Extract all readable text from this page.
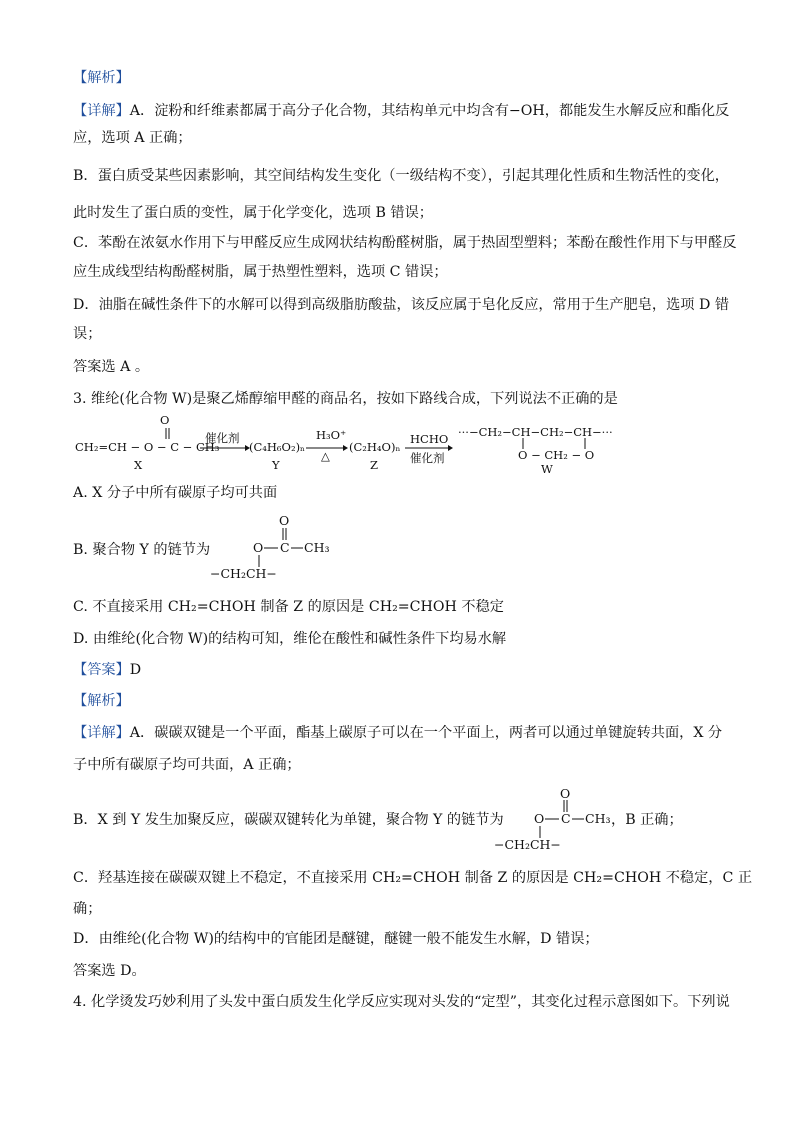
【解析】
【详解】A．淀粉和纤维素都属于高分子化合物，其结构单元中均含有−OH，都能发生水解反应和酯化反
应，选项 A 正确；
B．蛋白质受某些因素影响，其空间结构发生变化（一级结构不变），引起其理化性质和生物活性的变化，
此时发生了蛋白质的变性，属于化学变化，选项 B 错误；
C．苯酚在浓氨水作用下与甲醛反应生成网状结构酚醛树脂，属于热固型塑料；苯酚在酸性作用下与甲醛反
应生成线型结构酚醛树脂，属于热塑性塑料，选项 C 错误；
D．油脂在碱性条件下的水解可以得到高级脂肪酸盐，该反应属于皂化反应，常用于生产肥皂，选项 D 错
误；
答案选 A 。
3. 维纶(化合物 W)是聚乙烯醇缩甲醛的商品名，按如下路线合成，下列说法不正确的是
CH₂=CH − O − C − CH₃
O
X
催化剂
(C₄H₆O₂)ₙ
Y
H₃O⁺
△
(C₂H₄O)ₙ
Z
HCHO
催化剂
···−CH₂−CH−CH₂−CH−···
O − CH₂ − O
W
A. X 分子中所有碳原子均可共面
B. 聚合物 Y 的链节为
O
O C CH₃
−CH₂CH−
C. 不直接采用 CH₂=CHOH 制备 Z 的原因是 CH₂=CHOH 不稳定
D. 由维纶(化合物 W)的结构可知，维伦在酸性和碱性条件下均易水解
【答案】D
【解析】
【详解】A．碳碳双键是一个平面，酯基上碳原子可以在一个平面上，两者可以通过单键旋转共面，X 分
子中所有碳原子均可共面，A 正确；
B．X 到 Y 发生加聚反应，碳碳双键转化为单键，聚合物 Y 的链节为
O
O C CH₃
−CH₂CH−
，B 正确；
C．羟基连接在碳碳双键上不稳定，不直接采用 CH₂=CHOH 制备 Z 的原因是 CH₂=CHOH 不稳定，C 正
确；
D．由维纶(化合物 W)的结构中的官能团是醚键，醚键一般不能发生水解，D 错误；
答案选 D。
4. 化学烫发巧妙利用了头发中蛋白质发生化学反应实现对头发的“定型”，其变化过程示意图如下。下列说
